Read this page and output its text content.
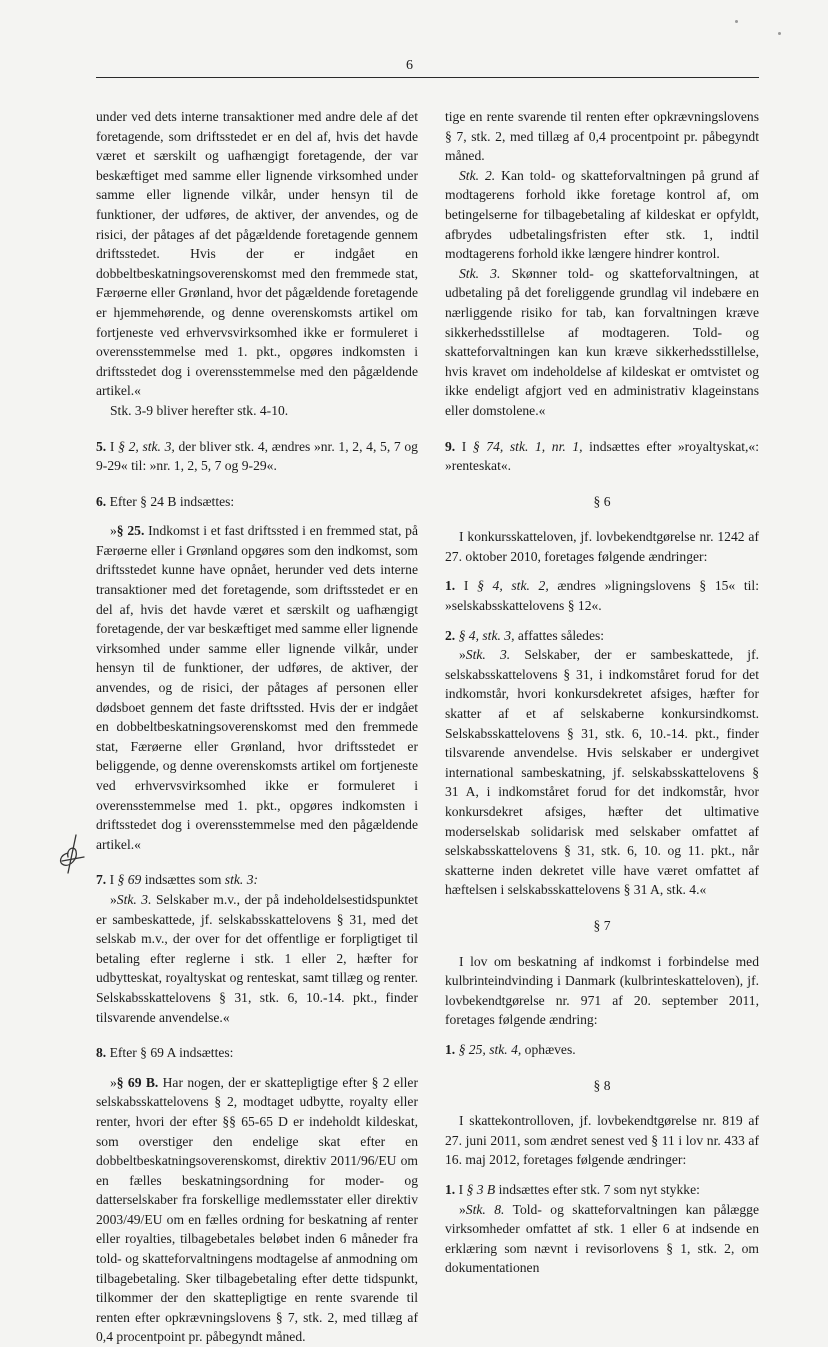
6

under ved dets interne transaktioner med andre dele af det foretagende, som driftsstedet er en del af, hvis det havde været et særskilt og uafhængigt foretagende, der var beskæftiget med samme eller lignende virksomhed under samme eller lignende vilkår, under hensyn til de funktioner, der udføres, de aktiver, der anvendes, og de risici, der påtages af det pågældende foretagende gennem driftsstedet. Hvis der er indgået en dobbeltbeskatningsoverenskomst med den fremmede stat, Færøerne eller Grønland, hvor det pågældende foretagende er hjemmehørende, og denne overenskomsts artikel om fortjeneste ved erhvervsvirksomhed ikke er formuleret i overensstemmelse med 1. pkt., opgøres indkomsten i driftsstedet dog i overensstemmelse med den pågældende artikel.«

Stk. 3-9 bliver herefter stk. 4-10.

5. I § 2, stk. 3, der bliver stk. 4, ændres »nr. 1, 2, 4, 5, 7 og 9-29« til: »nr. 1, 2, 5, 7 og 9-29«.

6. Efter § 24 B indsættes:

»§ 25. Indkomst i et fast driftssted i en fremmed stat, på Færøerne eller i Grønland opgøres som den indkomst, som driftsstedet kunne have opnået, herunder ved dets interne transaktioner med det foretagende, som driftsstedet er en del af, hvis det havde været et særskilt og uafhængigt foretagende, der var beskæftiget med samme eller lignende virksomhed under samme eller lignende vilkår, under hensyn til de funktioner, der udføres, de aktiver, der anvendes, og de risici, der påtages af personen eller dødsboet gennem det faste driftssted. Hvis der er indgået en dobbeltbeskatningsoverenskomst med den fremmede stat, Færøerne eller Grønland, hvor driftsstedet er beliggende, og denne overenskomsts artikel om fortjeneste ved erhvervsvirksomhed ikke er formuleret i overensstemmelse med 1. pkt., opgøres indkomsten i driftsstedet dog i overensstemmelse med den pågældende artikel.«

7. I § 69 indsættes som stk. 3:

»Stk. 3. Selskaber m.v., der på indeholdelsestidspunktet er sambeskattede, jf. selskabsskattelovens § 31, med det selskab m.v., der over for det offentlige er forpligtiget til betaling efter reglerne i stk. 1 eller 2, hæfter for udbytteskat, royaltyskat og renteskat, samt tillæg og renter. Selskabsskattelovens § 31, stk. 6, 10.-14. pkt., finder tilsvarende anvendelse.«

8. Efter § 69 A indsættes:

»§ 69 B. Har nogen, der er skattepligtige efter § 2 eller selskabsskattelovens § 2, modtaget udbytte, royalty eller renter, hvori der efter §§ 65-65 D er indeholdt kildeskat, som overstiger den endelige skat efter en dobbeltbeskatningsoverenskomst, direktiv 2011/96/EU om en fælles beskatningsordning for moder- og datterselskaber fra forskellige medlemsstater eller direktiv 2003/49/EU om en fælles ordning for beskatning af renter eller royalties, tilbagebetales beløbet inden 6 måneder fra told- og skatteforvaltningens modtagelse af anmodning om tilbagebetaling. Sker tilbagebetaling efter dette tidspunkt, tilkommer der den skattepligtige en rente svarende til renten efter opkrævningslovens § 7, stk. 2, med tillæg af 0,4 procentpoint pr. påbegyndt måned.

tige en rente svarende til renten efter opkrævningslovens § 7, stk. 2, med tillæg af 0,4 procentpoint pr. påbegyndt måned.

Stk. 2. Kan told- og skatteforvaltningen på grund af modtagerens forhold ikke foretage kontrol af, om betingelserne for tilbagebetaling af kildeskat er opfyldt, afbrydes udbetalingsfristen efter stk. 1, indtil modtagerens forhold ikke længere hindrer kontrol.

Stk. 3. Skønner told- og skatteforvaltningen, at udbetaling på det foreliggende grundlag vil indebære en nærliggende risiko for tab, kan forvaltningen kræve sikkerhedsstillelse af modtageren. Told- og skatteforvaltningen kan kun kræve sikkerhedsstillelse, hvis kravet om indeholdelse af kildeskat er omtvistet og ikke endeligt afgjort ved en administrativ klageinstans eller domstolene.«

9. I § 74, stk. 1, nr. 1, indsættes efter »royaltyskat,«: »renteskat«.

§ 6

I konkursskatteloven, jf. lovbekendtgørelse nr. 1242 af 27. oktober 2010, foretages følgende ændringer:

1. I § 4, stk. 2, ændres »ligningslovens § 15« til: »selskabsskattelovens § 12«.

2. § 4, stk. 3, affattes således:

»Stk. 3. Selskaber, der er sambeskattede, jf. selskabsskattelovens § 31, i indkomståret forud for det indkomstår, hvori konkursdekretet afsiges, hæfter for skatter af et af selskaberne konkursindkomst. Selskabsskattelovens § 31, stk. 6, 10.-14. pkt., finder tilsvarende anvendelse. Hvis selskaber er undergivet international sambeskatning, jf. selskabsskattelovens § 31 A, i indkomståret forud for det indkomstår, hvor konkursdekret afsiges, hæfter det ultimative moderselskab solidarisk med selskaber omfattet af selskabsskattelovens § 31, stk. 6, 10. og 11. pkt., når skatterne inden dekretet ville have været omfattet af hæftelsen i selskabsskattelovens § 31 A, stk. 4.«

§ 7

I lov om beskatning af indkomst i forbindelse med kulbrinteindvinding i Danmark (kulbrinteskatteloven), jf. lovbekendtgørelse nr. 971 af 20. september 2011, foretages følgende ændring:

1. § 25, stk. 4, ophæves.

§ 8

I skattekontrolloven, jf. lovbekendtgørelse nr. 819 af 27. juni 2011, som ændret senest ved § 11 i lov nr. 433 af 16. maj 2012, foretages følgende ændringer:

1. I § 3 B indsættes efter stk. 7 som nyt stykke:

»Stk. 8. Told- og skatteforvaltningen kan pålægge virksomheder omfattet af stk. 1 eller 6 at indsende en erklæring som nævnt i revisorlovens § 1, stk. 2, om dokumentationen
